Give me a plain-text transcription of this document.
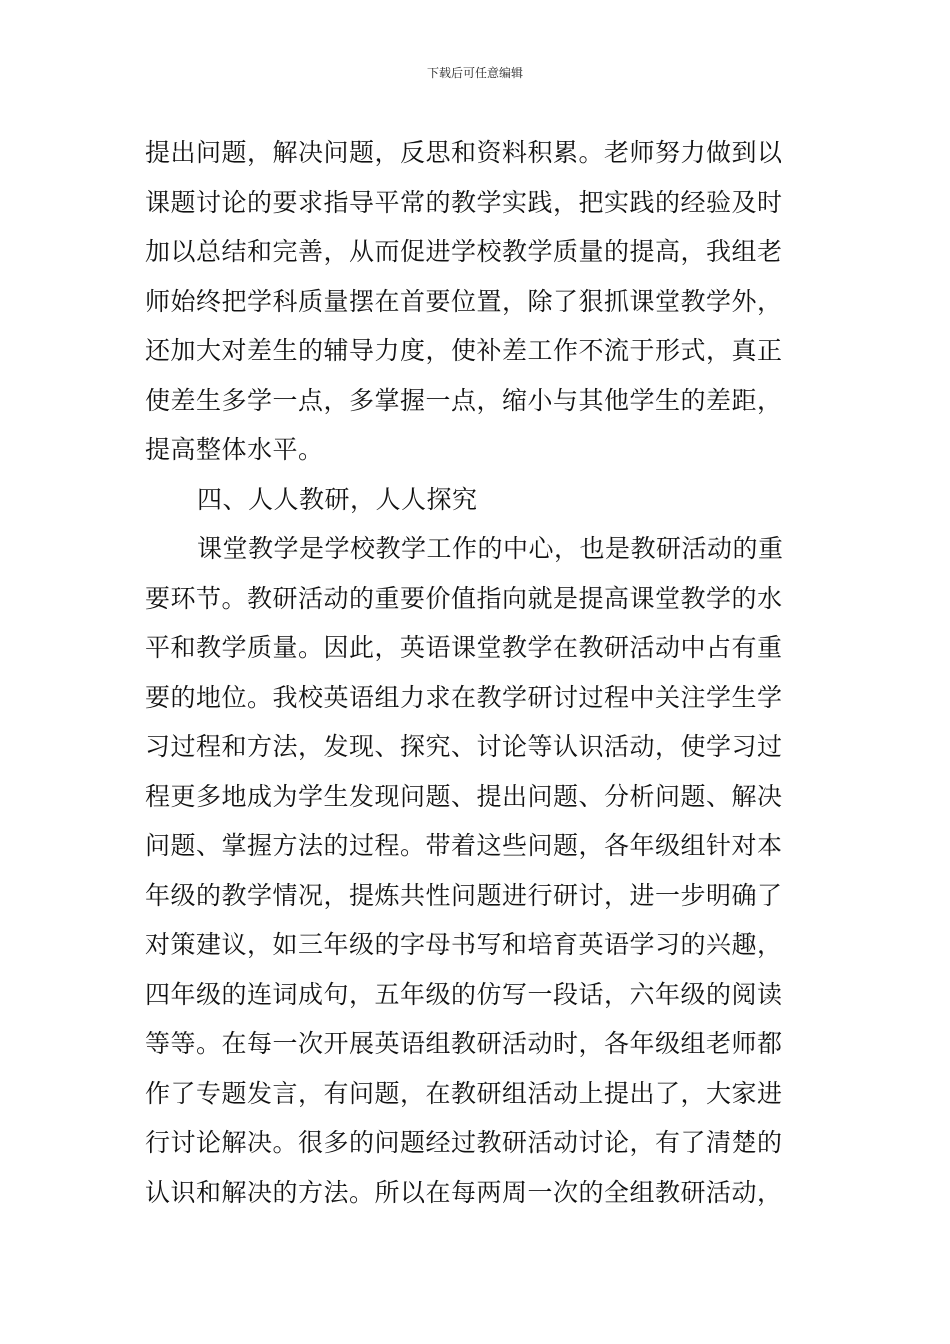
下载后可任意编辑
提出问题，解决问题，反思和资料积累。老师努力做到以
课题讨论的要求指导平常的教学实践，把实践的经验及时
加以总结和完善，从而促进学校教学质量的提高，我组老
师始终把学科质量摆在首要位置，除了狠抓课堂教学外，
还加大对差生的辅导力度，使补差工作不流于形式，真正
使差生多学一点，多掌握一点，缩小与其他学生的差距，
提高整体水平。
四、人人教研，人人探究
课堂教学是学校教学工作的中心，也是教研活动的重
要环节。教研活动的重要价值指向就是提高课堂教学的水
平和教学质量。因此，英语课堂教学在教研活动中占有重
要的地位。我校英语组力求在教学研讨过程中关注学生学
习过程和方法，发现、探究、讨论等认识活动，使学习过
程更多地成为学生发现问题、提出问题、分析问题、解决
问题、掌握方法的过程。带着这些问题，各年级组针对本
年级的教学情况，提炼共性问题进行研讨，进一步明确了
对策建议，如三年级的字母书写和培育英语学习的兴趣，
四年级的连词成句，五年级的仿写一段话，六年级的阅读
等等。在每一次开展英语组教研活动时，各年级组老师都
作了专题发言，有问题，在教研组活动上提出了，大家进
行讨论解决。很多的问题经过教研活动讨论，有了清楚的
认识和解决的方法。所以在每两周一次的全组教研活动，
